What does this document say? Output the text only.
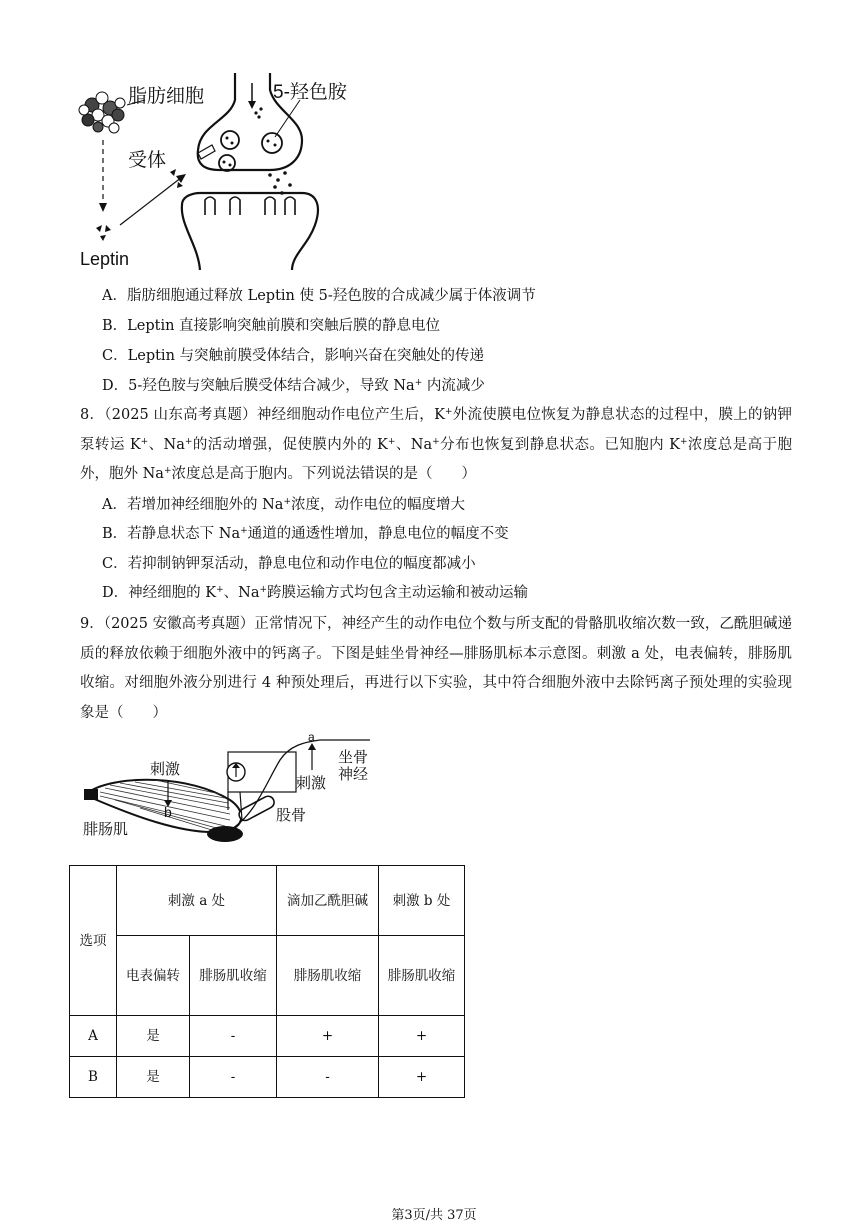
脂肪细胞	5-羟色胺
受体
Leptin
A．脂肪细胞通过释放 Leptin 使 5-羟色胺的合成减少属于体液调节
B．Leptin 直接影响突触前膜和突触后膜的静息电位
C．Leptin 与突触前膜受体结合，影响兴奋在突触处的传递
D．5-羟色胺与突触后膜受体结合减少，导致 Na+ 内流减少
8．（2025 山东高考真题）神经细胞动作电位产生后，K+外流使膜电位恢复为静息状态的过程中，膜上的钠钾泵转运 K+、Na+的活动增强，促使膜内外的 K+、Na+分布也恢复到静息状态。已知胞内 K+浓度总是高于胞外，胞外 Na+浓度总是高于胞内。下列说法错误的是（　　）
A．若增加神经细胞外的 Na+浓度，动作电位的幅度增大
B．若静息状态下 Na+通道的通透性增加，静息电位的幅度不变
C．若抑制钠钾泵活动，静息电位和动作电位的幅度都减小
D．神经细胞的 K+、Na+跨膜运输方式均包含主动运输和被动运输
9．（2025 安徽高考真题）正常情况下，神经产生的动作电位个数与所支配的骨骼肌收缩次数一致，乙酰胆碱递质的释放依赖于细胞外液中的钙离子。下图是蛙坐骨神经—腓肠肌标本示意图。刺激 a 处，电表偏转，腓肠肌收缩。对细胞外液分别进行 4 种预处理后，再进行以下实验，其中符合细胞外液中去除钙离子预处理的实验现象是（　　）
刺激
b
腓肠肌
a
坐骨
神经
刺激
股骨
选项	刺激 a 处		滴加乙酰胆碱	刺激 b 处
	电表偏转	腓肠肌收缩	腓肠肌收缩	腓肠肌收缩
A	是	-	+	+
B	是	-	-	+
第3页/共 37页
